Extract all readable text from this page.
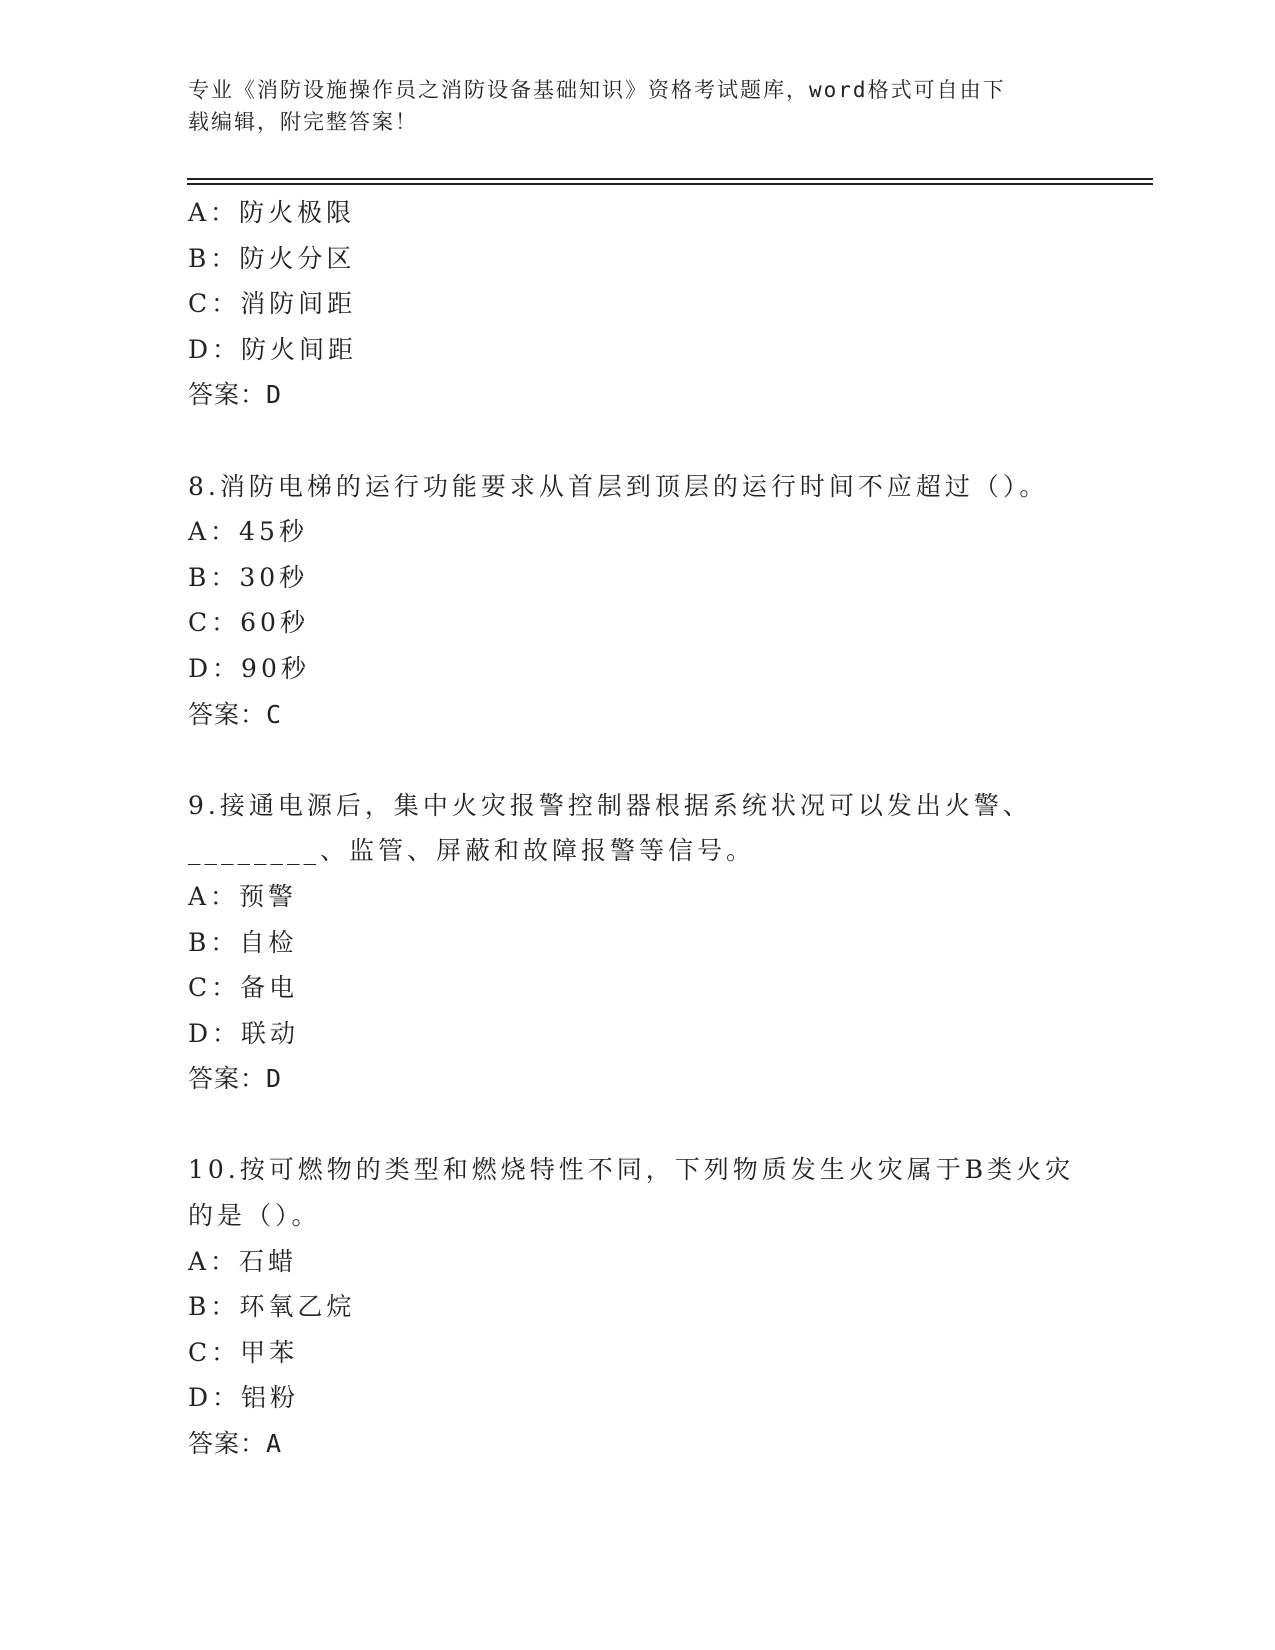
专业《消防设施操作员之消防设备基础知识》资格考试题库，word格式可自由下
载编辑，附完整答案！
A：防火极限
B：防火分区
C：消防间距
D：防火间距
答案：D
8.消防电梯的运行功能要求从首层到顶层的运行时间不应超过（）。
A：45秒
B：30秒
C：60秒
D：90秒
答案：C
9.接通电源后，集中火灾报警控制器根据系统状况可以发出火警、
________、监管、屏蔽和故障报警等信号。
A：预警
B：自检
C：备电
D：联动
答案：D
10.按可燃物的类型和燃烧特性不同，下列物质发生火灾属于B类火灾
的是（）。
A：石蜡
B：环氧乙烷
C：甲苯
D：铝粉
答案：A
